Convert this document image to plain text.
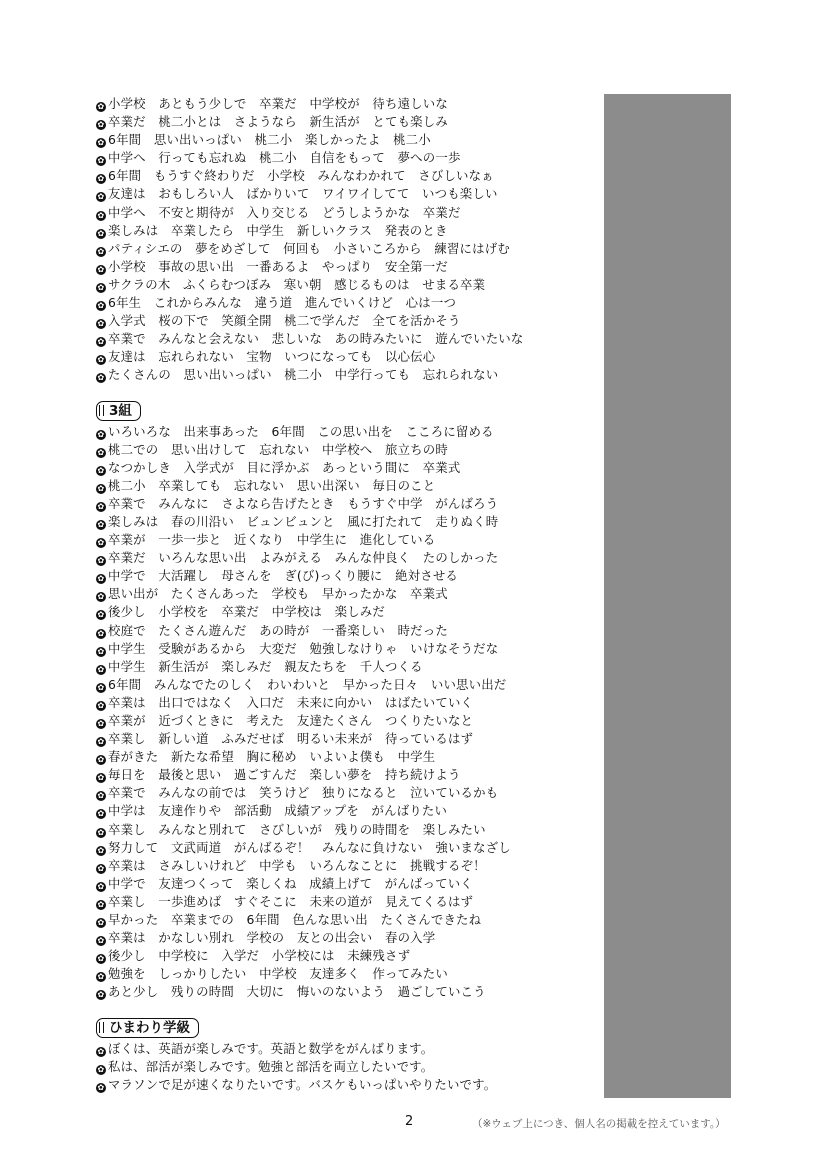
✿ 小学校　あともう少しで　卒業だ　中学校が　待ち遠しいな
✿ 卒業だ　桃二小とは　さようなら　新生活が　とても楽しみ
✿ 6年間　思い出いっぱい　桃二小　楽しかったよ　桃二小
✿ 中学へ　行っても忘れぬ　桃二小　自信をもって　夢への一歩
✿ 6年間　もうすぐ終わりだ　小学校　みんなわかれて　さびしいなぁ
✿ 友達は　おもしろい人　ばかりいて　ワイワイしてて　いつも楽しい
✿ 中学へ　不安と期待が　入り交じる　どうしようかな　卒業だ
✿ 楽しみは　卒業したら　中学生　新しいクラス　発表のとき
✿ パティシエの　夢をめざして　何回も　小さいころから　練習にはげむ
✿ 小学校　事故の思い出　一番あるよ　やっぱり　安全第一だ
✿ サクラの木　ふくらむつぼみ　寒い朝　感じるものは　せまる卒業
✿ 6年生　これからみんな　違う道　進んでいくけど　心は一つ
✿ 入学式　桜の下で　笑顔全開　桃二で学んだ　全てを活かそう
✿ 卒業で　みんなと会えない　悲しいな　あの時みたいに　遊んでいたいな
✿ 友達は　忘れられない　宝物　いつになっても　以心伝心
✿ たくさんの　思い出いっぱい　桃二小　中学行っても　忘れられない
3組
✿ いろいろな　出来事あった　6年間　この思い出を　こころに留める
✿ 桃二での　思い出けして　忘れない　中学校へ　旅立ちの時
✿ なつかしき　入学式が　目に浮かぶ　あっという間に　卒業式
✿ 桃二小　卒業しても　忘れない　思い出深い　毎日のこと
✿ 卒業で　みんなに　さよなら告げたとき　もうすぐ中学　がんばろう
✿ 楽しみは　春の川沿い　ビュンビュンと　風に打たれて　走りぬく時
✿ 卒業が　一歩一歩と　近くなり　中学生に　進化している
✿ 卒業だ　いろんな思い出　よみがえる　みんな仲良く　たのしかった
✿ 中学で　大活躍し　母さんを　ぎ(び)っくり腰に　絶対させる
✿ 思い出が　たくさんあった　学校も　早かったかな　卒業式
✿ 後少し　小学校を　卒業だ　中学校は　楽しみだ
✿ 校庭で　たくさん遊んだ　あの時が　一番楽しい　時だった
✿ 中学生　受験があるから　大変だ　勉強しなけりゃ　いけなそうだな
✿ 中学生　新生活が　楽しみだ　親友たちを　千人つくる
✿ 6年間　みんなでたのしく　わいわいと　早かった日々　いい思い出だ
✿ 卒業は　出口ではなく　入口だ　未来に向かい　はばたいていく
✿ 卒業が　近づくときに　考えた　友達たくさん　つくりたいなと
✿ 卒業し　新しい道　ふみだせば　明るい未来が　待っているはず
✿ 春がきた　新たな希望　胸に秘め　いよいよ僕も　中学生
✿ 毎日を　最後と思い　過ごすんだ　楽しい夢を　持ち続けよう
✿ 卒業で　みんなの前では　笑うけど　独りになると　泣いているかも
✿ 中学は　友達作りや　部活動　成績アップを　がんばりたい
✿ 卒業し　みんなと別れて　さびしいが　残りの時間を　楽しみたい
✿ 努力して　文武両道　がんばるぞ！　みんなに負けない　強いまなざし
✿ 卒業は　さみしいけれど　中学も　いろんなことに　挑戦するぞ！
✿ 中学で　友達つくって　楽しくね　成績上げて　がんばっていく
✿ 卒業し　一歩進めば　すぐそこに　未来の道が　見えてくるはず
✿ 早かった　卒業までの　6年間　色んな思い出　たくさんできたね
✿ 卒業は　かなしい別れ　学校の　友との出会い　春の入学
✿ 後少し　中学校に　入学だ　小学校には　未練残さず
✿ 勉強を　しっかりしたい　中学校　友達多く　作ってみたい
✿ あと少し　残りの時間　大切に　悔いのないよう　過ごしていこう
ひまわり学級
✿ ぼくは、英語が楽しみです。英語と数学をがんばります。
✿ 私は、部活が楽しみです。勉強と部活を両立したいです。
✿ マラソンで足が速くなりたいです。バスケもいっぱいやりたいです。
2	（※ウェブ上につき、個人名の掲載を控えています。）
